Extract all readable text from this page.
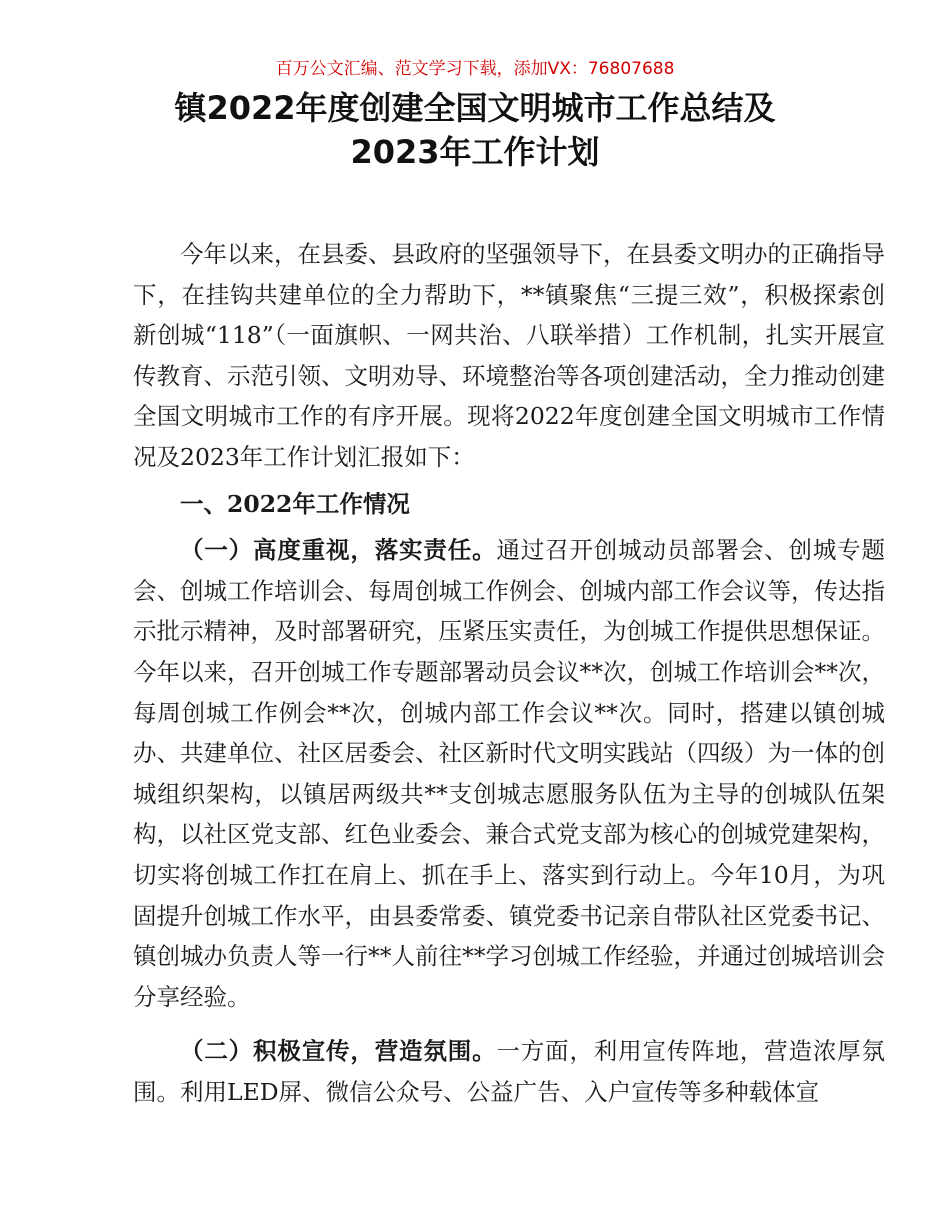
百万公文汇编、范文学习下载，添加VX：76807688
镇2022年度创建全国文明城市工作总结及
2023年工作计划

今年以来，在县委、县政府的坚强领导下，在县委文明办的正确指导下，在挂钩共建单位的全力帮助下，**镇聚焦“三提三效”，积极探索创新创城“118”（一面旗帜、一网共治、八联举措）工作机制，扎实开展宣传教育、示范引领、文明劝导、环境整治等各项创建活动，全力推动创建全国文明城市工作的有序开展。现将2022年度创建全国文明城市工作情况及2023年工作计划汇报如下：

一、2022年工作情况

（一）高度重视，落实责任。通过召开创城动员部署会、创城专题会、创城工作培训会、每周创城工作例会、创城内部工作会议等，传达指示批示精神，及时部署研究，压紧压实责任，为创城工作提供思想保证。今年以来，召开创城工作专题部署动员会议**次，创城工作培训会**次，每周创城工作例会**次，创城内部工作会议**次。同时，搭建以镇创城办、共建单位、社区居委会、社区新时代文明实践站（四级）为一体的创城组织架构，以镇居两级共**支创城志愿服务队伍为主导的创城队伍架构，以社区党支部、红色业委会、兼合式党支部为核心的创城党建架构，切实将创城工作扛在肩上、抓在手上、落实到行动上。今年10月，为巩固提升创城工作水平，由县委常委、镇党委书记亲自带队社区党委书记、镇创城办负责人等一行**人前往**学习创城工作经验，并通过创城培训会分享经验。

（二）积极宣传，营造氛围。一方面，利用宣传阵地，营造浓厚氛围。利用LED屏、微信公众号、公益广告、入户宣传等多种载体宣
